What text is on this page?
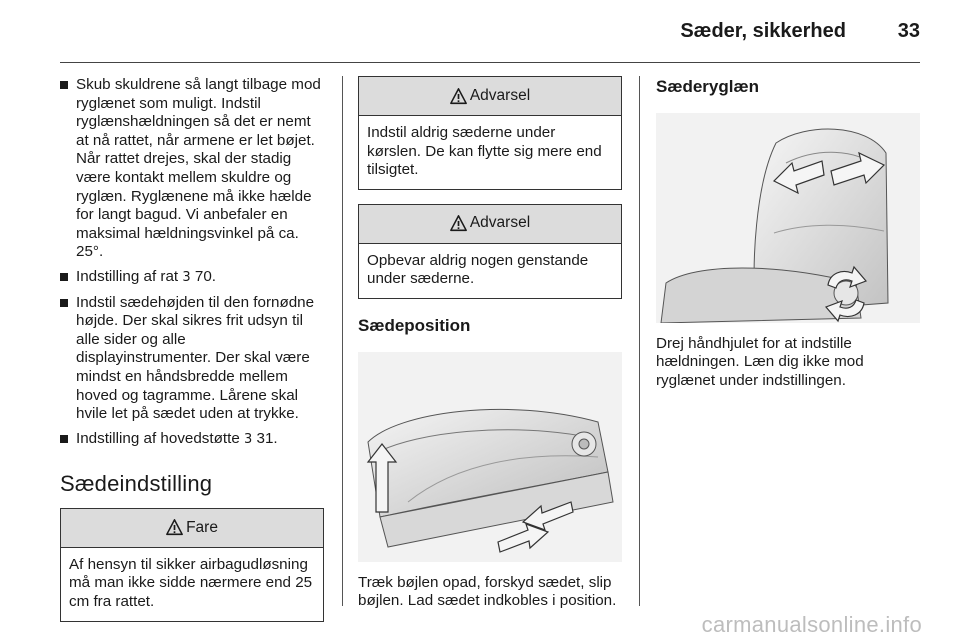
Sæder, sikkerhed	33
Skub skuldrene så langt tilbage mod ryglænet som muligt. Indstil ryglænshældningen så det er nemt at nå rattet, når armene er let bøjet. Når rattet drejes, skal der stadig være kontakt mellem skuldre og ryglæn. Ryglænene må ikke hælde for langt bagud. Vi anbefaler en maksimal hældningsvinkel på ca. 25°.
Indstilling af rat 3 70.
Indstil sædehøjden til den fornødne højde. Der skal sikres frit udsyn til alle sider og alle displayinstrumenter. Der skal være mindst en håndsbredde mellem hoved og tagramme. Lårene skal hvile let på sædet uden at trykke.
Indstilling af hovedstøtte 3 31.
Sædeindstilling
Fare
Af hensyn til sikker airbagudløsning må man ikke sidde nærmere end 25 cm fra rattet.
Advarsel
Indstil aldrig sæderne under kørslen. De kan flytte sig mere end tilsigtet.
Advarsel
Opbevar aldrig nogen genstande under sæderne.
Sædeposition

Træk bøjlen opad, forskyd sædet, slip bøjlen. Lad sædet indkobles i position.

Sæderyglæn

Drej håndhjulet for at indstille hældningen. Læn dig ikke mod ryglænet under indstillingen.

carmanualsonline.info
